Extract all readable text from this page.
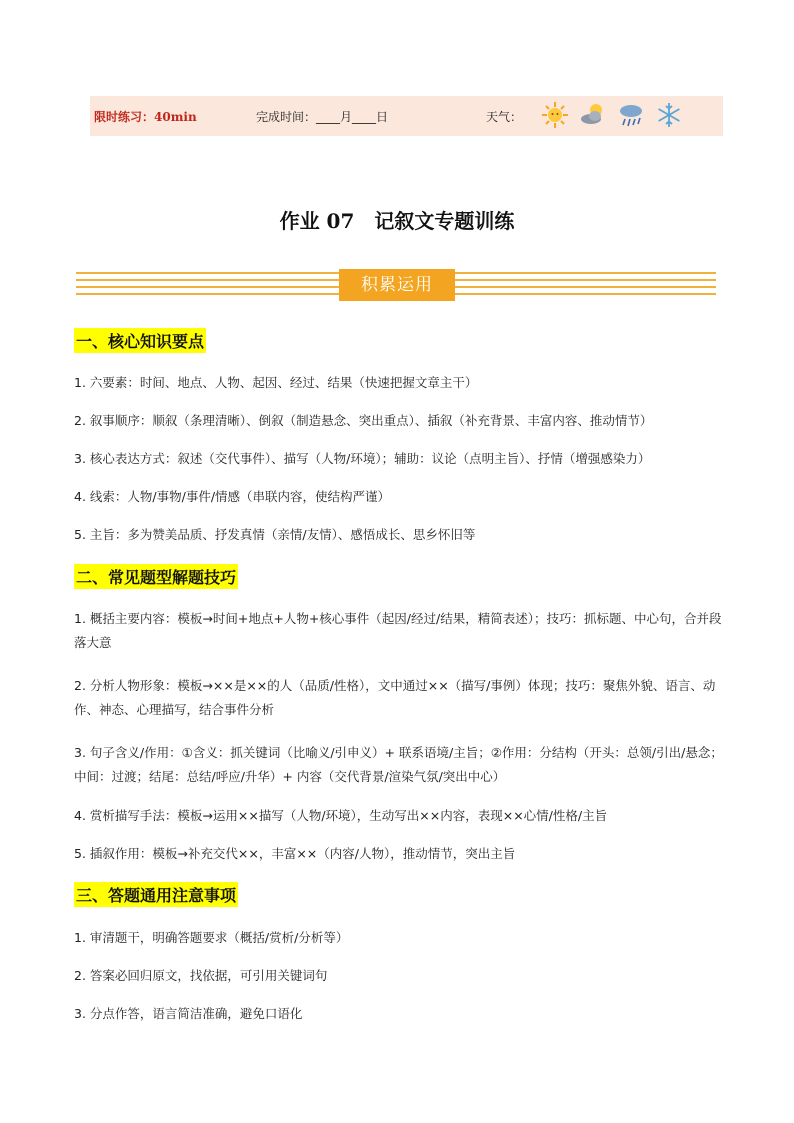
限时练习：40min	完成时间：____月____日	天气：
作业 07　记叙文专题训练
积累运用
一、核心知识要点
1. 六要素：时间、地点、人物、起因、经过、结果（快速把握文章主干）
2. 叙事顺序：顺叙（条理清晰）、倒叙（制造悬念、突出重点）、插叙（补充背景、丰富内容、推动情节）
3. 核心表达方式：叙述（交代事件）、描写（人物/环境）；辅助：议论（点明主旨）、抒情（增强感染力）
4. 线索：人物/事物/事件/情感（串联内容，使结构严谨）
5. 主旨：多为赞美品质、抒发真情（亲情/友情）、感悟成长、思乡怀旧等
二、常见题型解题技巧
1. 概括主要内容：模板→时间+地点+人物+核心事件（起因/经过/结果，精简表述）；技巧：抓标题、中心句，合并段落大意
2. 分析人物形象：模板→××是××的人（品质/性格），文中通过××（描写/事例）体现；技巧：聚焦外貌、语言、动作、神态、心理描写，结合事件分析
3. 句子含义/作用：①含义：抓关键词（比喻义/引申义）+ 联系语境/主旨；②作用：分结构（开头：总领/引出/悬念；中间：过渡；结尾：总结/呼应/升华）+ 内容（交代背景/渲染气氛/突出中心）
4. 赏析描写手法：模板→运用××描写（人物/环境），生动写出××内容，表现××心情/性格/主旨
5. 插叙作用：模板→补充交代××，丰富××（内容/人物），推动情节，突出主旨
三、答题通用注意事项
1. 审清题干，明确答题要求（概括/赏析/分析等）
2. 答案必回归原文，找依据，可引用关键词句
3. 分点作答，语言简洁准确，避免口语化
